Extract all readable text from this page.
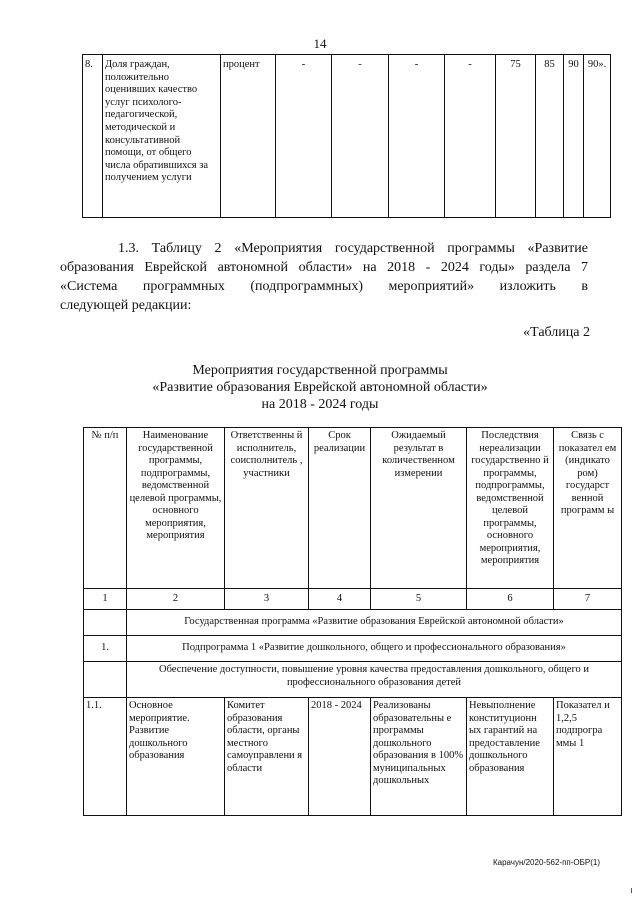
14
8.	Доля граждан, положительно оценивших качество услуг психолого-педагогической, методической и консультативной помощи, от общего числа обратившихся за получением услуги	процент	-	-	-	-	75	85	90	90».
1.3. Таблицу 2 «Мероприятия государственной программы «Развитие
образования Еврейской автономной области» на 2018 - 2024 годы» раздела 7
«Система программных (подпрограммных) мероприятий» изложить в
следующей редакции:
«Таблица 2
Мероприятия государственной программы
«Развитие образования Еврейской автономной области»
на 2018 - 2024 годы
№ п/п	Наименование государственной программы, подпрограммы, ведомственной целевой программы, основного мероприятия, мероприятия	Ответственны й исполнитель, соисполнитель , участники	Срок реализации	Ожидаемый результат в количественном измерении	Последствия нереализации государственно й программы, подпрограммы, ведомственной целевой программы, основного мероприятия, мероприятия	Связь с показател ем (индикато ром) государст венной программ ы
1	2	3	4	5	6	7
	Государственная программа «Развитие образования Еврейской автономной области»					
1.	Подпрограмма 1 «Развитие дошкольного, общего и профессионального образования»					
	Обеспечение доступности, повышение уровня качества предоставления дошкольного, общего и профессионального образования детей					
1.1.	Основное мероприятие. Развитие дошкольного образования	Комитет образования области, органы местного самоуправлени я области	2018 - 2024	Реализованы образовательны е программы дошкольного образования в 100% муниципальных дошкольных	Невыполнение конституционн ых гарантий на предоставление дошкольного образования	Показател и 1,2,5 подпрогра ммы 1
Карачун/2020-562-пп-ОБР(1)
